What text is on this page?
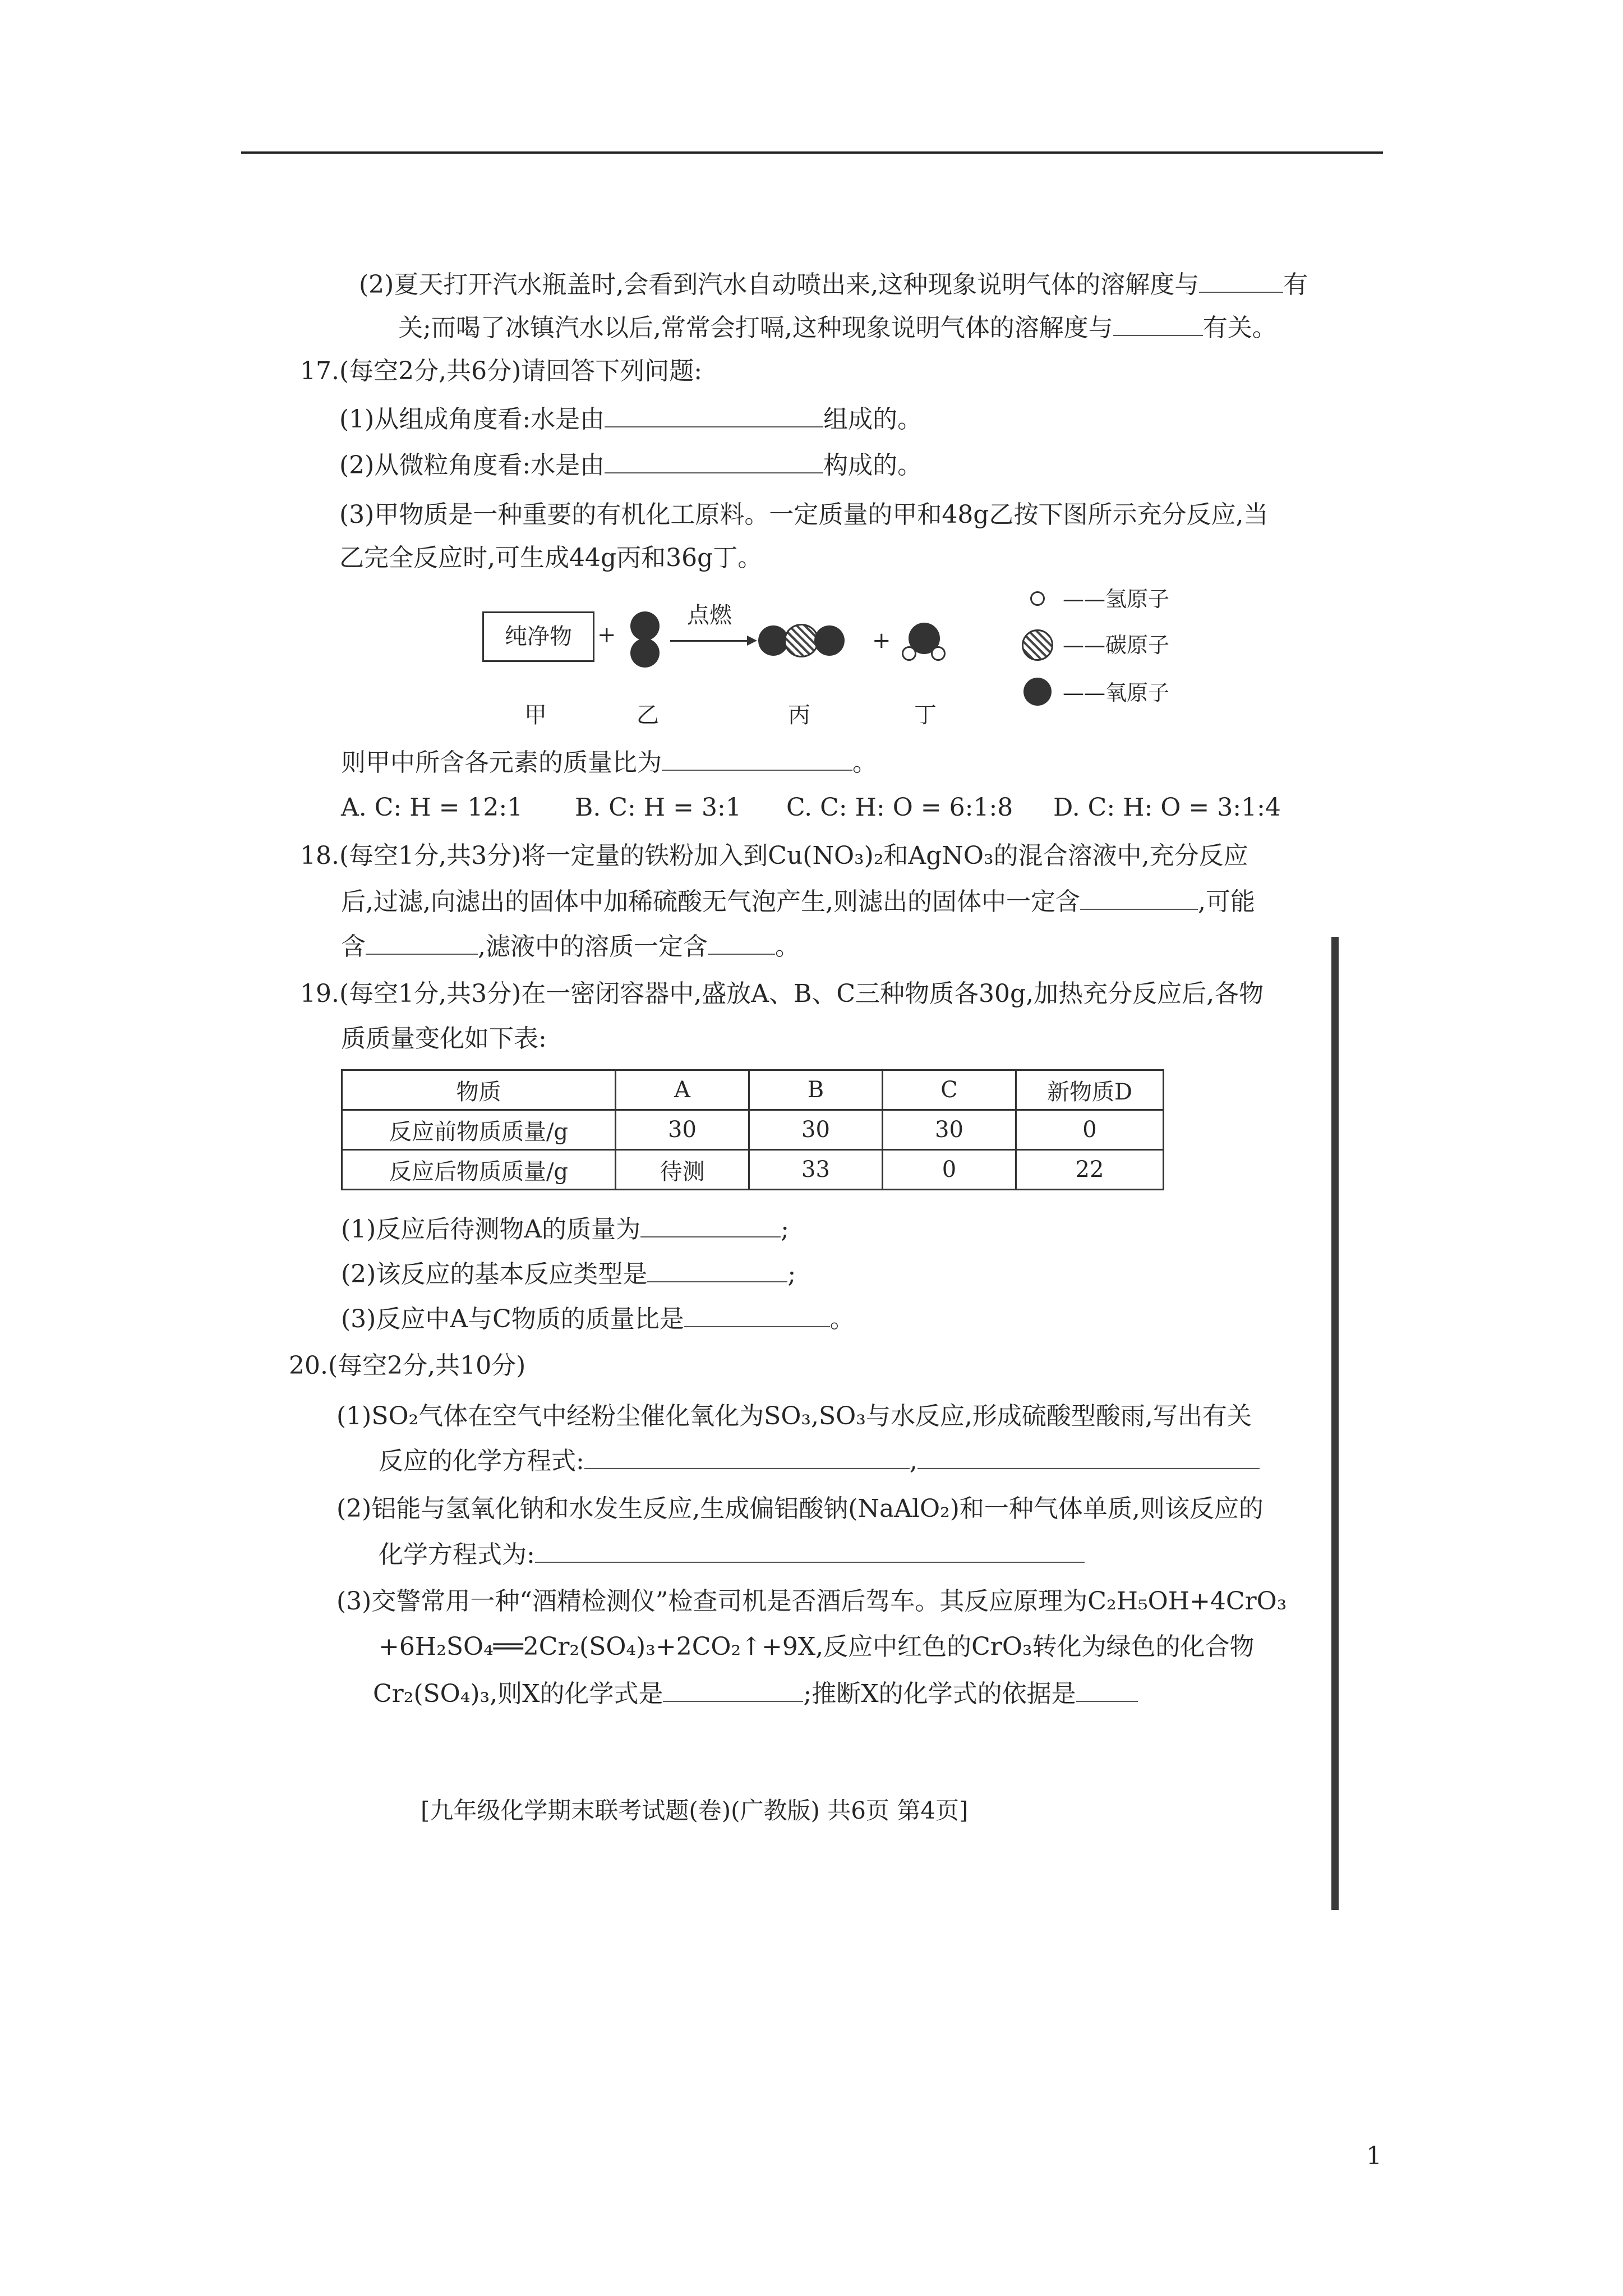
(2)夏天打开汽水瓶盖时,会看到汽水自动喷出来,这种现象说明气体的溶解度与	有
关;而喝了冰镇汽水以后,常常会打嗝,这种现象说明气体的溶解度与	有关。
17.(每空2分,共6分)请回答下列问题:
(1)从组成角度看:水是由	组成的。
(2)从微粒角度看:水是由	构成的。
(3)甲物质是一种重要的有机化工原料。一定质量的甲和48g乙按下图所示充分反应,当
乙完全反应时,可生成44g丙和36g丁。
纯净物	+
点燃
+
甲	乙	丙	丁
——氢原子
——碳原子
——氧原子
则甲中所含各元素的质量比为	。
A. C: H = 12:1 B. C: H = 3:1 C. C: H: O = 6:1:8 D. C: H: O = 3:1:4
18.(每空1分,共3分)将一定量的铁粉加入到Cu(NO₃)₂和AgNO₃的混合溶液中,充分反应
后,过滤,向滤出的固体中加稀硫酸无气泡产生,则滤出的固体中一定含	,可能
含	,滤液中的溶质一定含	。
19.(每空1分,共3分)在一密闭容器中,盛放A、B、C三种物质各30g,加热充分反应后,各物
质质量变化如下表:
物质	A	B	C	新物质D
反应前物质质量/g	30	30	30	0
反应后物质质量/g	待测	33	0	22
(1)反应后待测物A的质量为	;
(2)该反应的基本反应类型是	;
(3)反应中A与C物质的质量比是	。
20.(每空2分,共10分)
(1)SO₂气体在空气中经粉尘催化氧化为SO₃,SO₃与水反应,形成硫酸型酸雨,写出有关
反应的化学方程式:	,
(2)铝能与氢氧化钠和水发生反应,生成偏铝酸钠(NaAlO₂)和一种气体单质,则该反应的
化学方程式为:
(3)交警常用一种“酒精检测仪”检查司机是否酒后驾车。其反应原理为C₂H₅OH+4CrO₃
+6H₂SO₄══2Cr₂(SO₄)₃+2CO₂↑+9X,反应中红色的CrO₃转化为绿色的化合物
Cr₂(SO₄)₃,则X的化学式是	;推断X的化学式的依据是
[九年级化学期末联考试题(卷)(广教版) 共6页 第4页]
1
